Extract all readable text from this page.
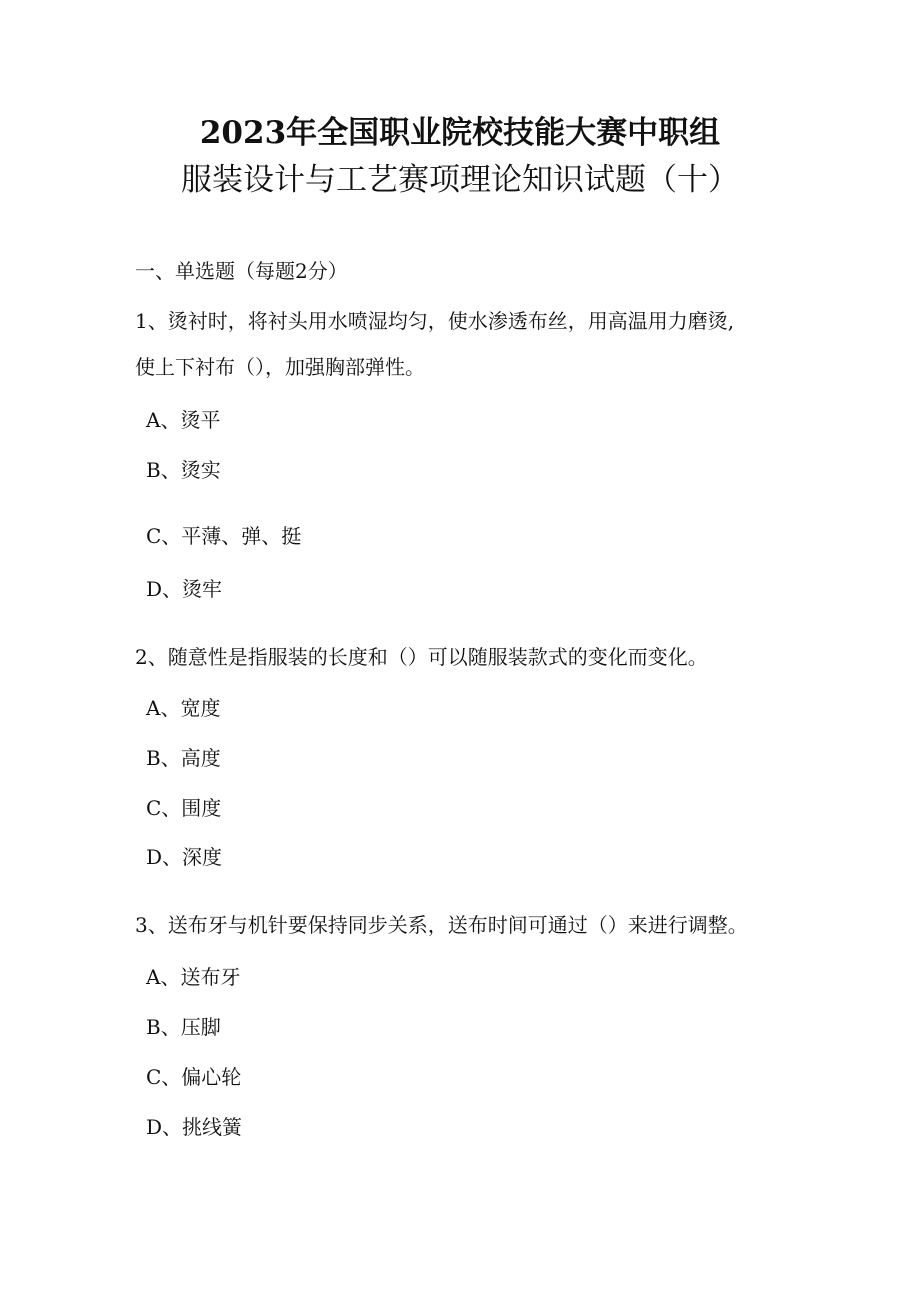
2023年全国职业院校技能大赛中职组
服装设计与工艺赛项理论知识试题（十）
一、单选题（每题2分）
1、烫衬时，将衬头用水喷湿均匀，使水渗透布丝，用高温用力磨烫,
使上下衬布（），加强胸部弹性。
A、烫平
B、烫实
C、平薄、弹、挺
D、烫牢
2、随意性是指服装的长度和（）可以随服装款式的变化而变化。
A、宽度
B、高度
C、围度
D、深度
3、送布牙与机针要保持同步关系，送布时间可通过（）来进行调整。
A、送布牙
B、压脚
C、偏心轮
D、挑线簧
